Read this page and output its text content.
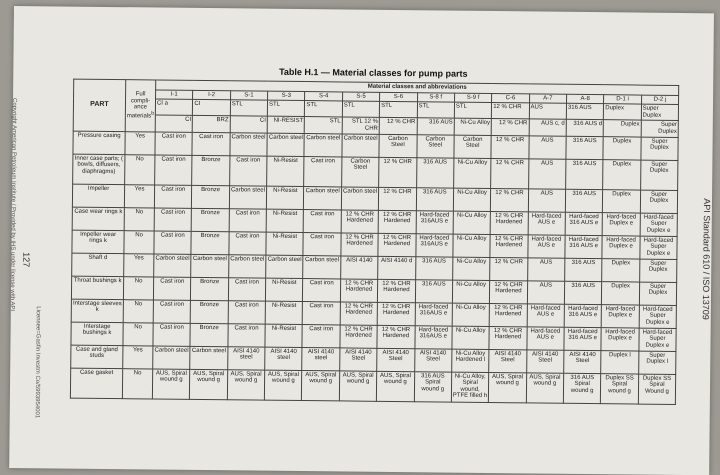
Copyright American Petroleum Institute / Provided by IHS under license with API
Licensee=Gasfin Investm Co/5993954001
127	API Standard 610 / ISO 13709
Table H.1 — Material classes for pump parts
PART	Full compli-ance materials$^b$	Material classes and abbreviations													
		I-1	I-2	S-1	S-3	S-4	S-5	S-6	S-8 f	S-9 f	C-6	A-7	A-8	D-1 i	D-2 j
		CI a	CI	STL	STL	STL	STL	STL	STL	STL	12 % CHR	AUS	316 AUS	Duplex	Super Duplex
		CI	BRZ	CI	NI-RESIST	STL	STL 12 % CHR	12 % CHR	316 AUS	Ni-Cu Alloy	12 % CHR	AUS c, d	316 AUS d	Duplex	Super Duplex
Pressure casing	Yes	Cast iron	Cast iron	Carbon steel	Carbon steel	Carbon steel	Carbon steel	Carbon Steel	Carbon Steel	Carbon Steel	12 % CHR	AUS	316 AUS	Duplex	Super Duplex
Inner case parts; ( bowls, diffusers, diaphragms)	No	Cast iron	Bronze	Cast iron	Ni-Resist	Cast iron	Carbon Steel	12 % CHR	316 AUS	Ni-Cu Alloy	12 % CHR	AUS	316 AUS	Duplex	Super Duplex
Impeller	Yes	Cast iron	Bronze	Carbon steel	Ni-Resist	Carbon steel	Carbon steel	12 % CHR	316 AUS	Ni-Cu Alloy	12 % CHR	AUS	316 AUS	Duplex	Super Duplex
Case wear rings k	No	Cast iron	Bronze	Cast iron	Ni-Resist	Cast iron	12 % CHR Hardened	12 % CHR Hardened	Hard-faced 316AUS e	Ni-Cu Alloy	12 % CHR Hardened	Hard-faced AUS e	Hard-faced 316 AUS e	Hard-faced Duplex e	Hard-faced Super Duplex e
Impeller wear rings k	No	Cast iron	Bronze	Cast iron	Ni-Resist	Cast iron	12 % CHR Hardened	12 % CHR Hardened	Hard-faced 316AUS e	Ni-Cu Alloy	12 % CHR Hardened	Hard-faced AUS e	Hard-faced 316 AUS e	Hard-faced Duplex e	Hard-faced Super Duplex e
Shaft d	Yes	Carbon steel	Carbon steel	Carbon steel	Carbon steel	Carbon steel	AISI 4140	AISI 4140 d	316 AUS	Ni-Cu Alloy	12 % CHR	AUS	316 AUS	Duplex	Super Duplex
Throat bushings k	No	Cast iron	Bronze	Cast iron	Ni-Resist	Cast iron	12 % CHR Hardened	12 % CHR Hardened	316 AUS	Ni-Cu Alloy	12 % CHR Hardened	AUS	316 AUS	Duplex	Super Duplex
Interstage sleeves k	No	Cast iron	Bronze	Cast iron	Ni-Resist	Cast iron	12 % CHR Hardened	12 % CHR Hardened	Hard-faced 316AUS e	Ni-Cu Alloy	12 % CHR Hardened	Hard-faced AUS e	Hard-faced 316 AUS e	Hard-faced Duplex e	Hard-faced Super Duplex e
Interstage bushings k	No	Cast iron	Bronze	Cast iron	Ni-Resist	Cast iron	12 % CHR Hardened	12 % CHR Hardened	Hard-faced 316AUS e	Ni-Cu Alloy	12 % CHR Hardened	Hard-faced AUS e	Hard-faced 316 AUS e	Hard-faced Duplex e	Hard-faced Super Duplex e
Case and gland studs	Yes	Carbon steel	Carbon steel	AISI 4140 steel	AISI 4140 steel	AISI 4140 steel	AISI 4140 Steel	AISI 4140 Steel	AISI 4140 Steel	Ni-Cu Alloy Hardened l	AISI 4140 Steel	AISI 4140 Steel	AISI 4140 Steel	Duplex l	Super Duplex l
Case gasket	No	AUS, Spiral wound g	AUS, Spiral wound g	AUS, Spiral wound g	AUS, Spiral wound g	AUS, Spiral wound g	AUS, Spiral wound g	AUS, Spiral wound g	316 AUS Spiral wound g	Ni-Cu Alloy, Spiral wound, PTFE filled h	AUS, Spiral wound g	AUS, Spiral wound g	316 AUS Spiral wound g	Duplex SS Spiral wound g	Duplex SS Spiral Wound g
